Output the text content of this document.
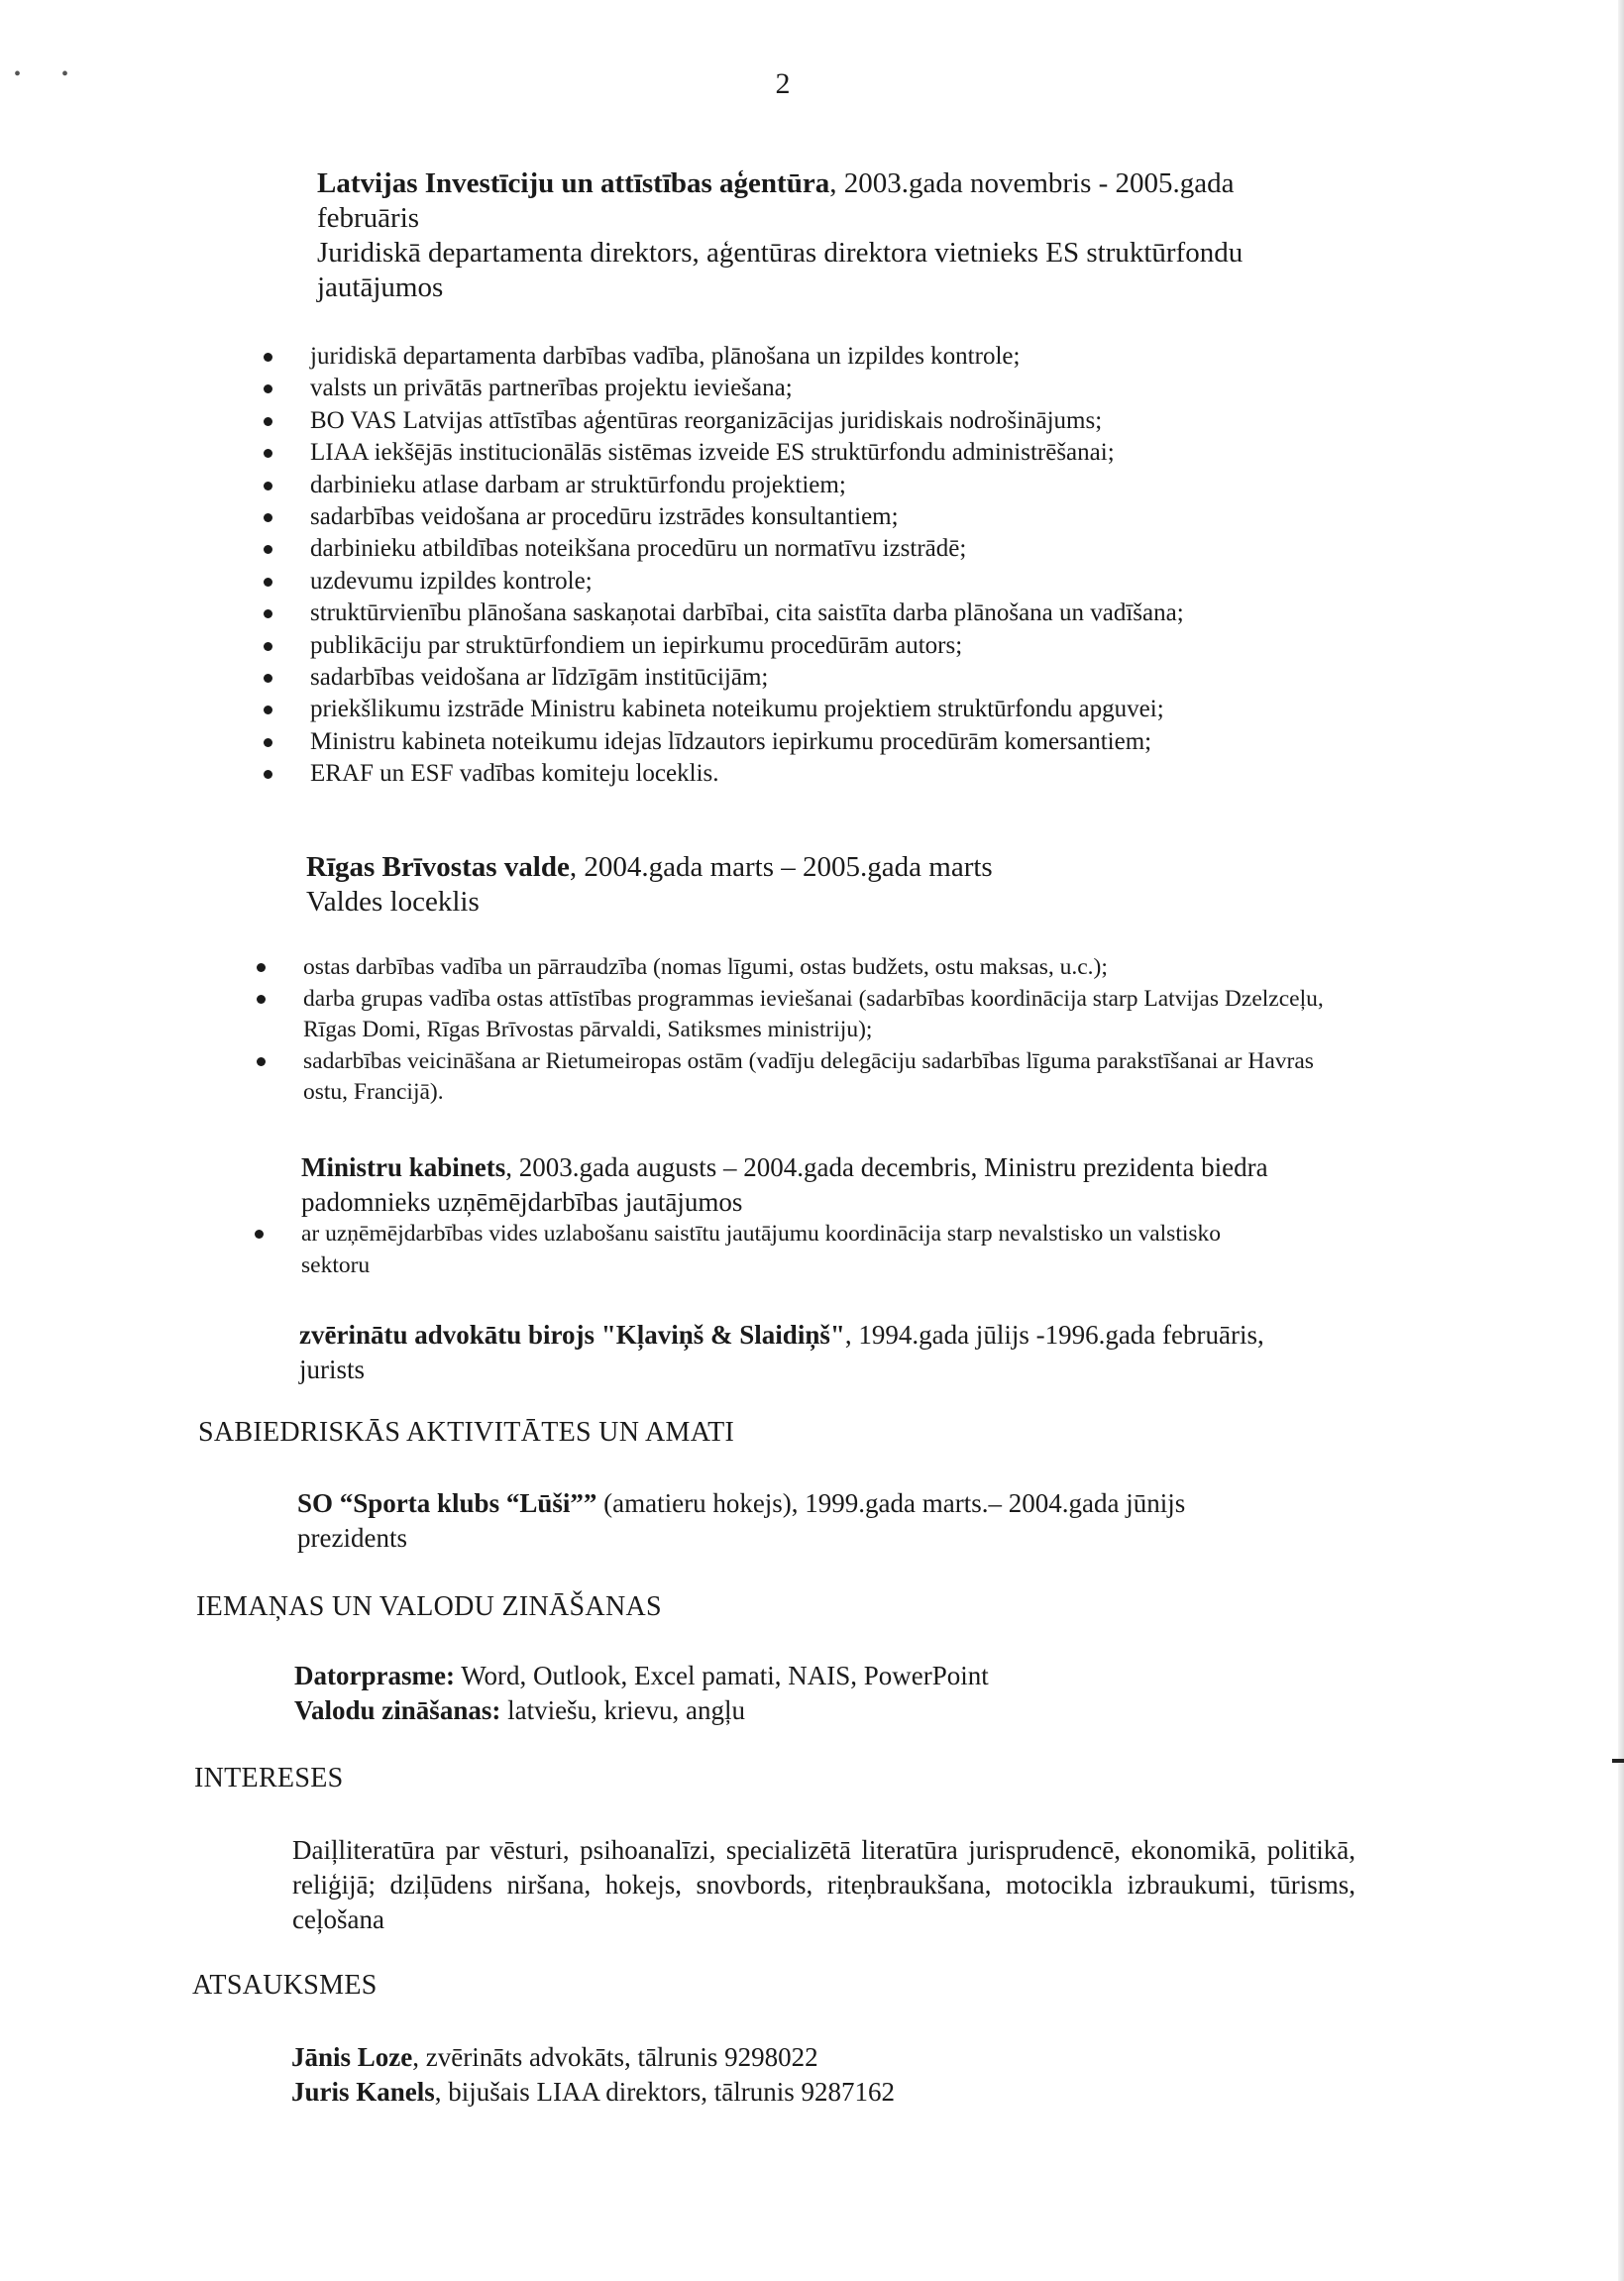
• •	2
Latvijas Investīciju un attīstības aģentūra, 2003.gada novembris - 2005.gada februāris
Juridiskā departamenta direktors, aģentūras direktora vietnieks ES struktūrfondu jautājumos
juridiskā departamenta darbības vadība, plānošana un izpildes kontrole;
valsts un privātās partnerības projektu ieviešana;
BO VAS Latvijas attīstības aģentūras reorganizācijas juridiskais nodrošinājums;
LIAA iekšējās institucionālās sistēmas izveide ES struktūrfondu administrēšanai;
darbinieku atlase darbam ar struktūrfondu projektiem;
sadarbības veidošana ar procedūru izstrādes konsultantiem;
darbinieku atbildības noteikšana procedūru un normatīvu izstrādē;
uzdevumu izpildes kontrole;
struktūrvienību plānošana saskaņotai darbībai, cita saistīta darba plānošana un vadīšana;
publikāciju par struktūrfondiem un iepirkumu procedūrām autors;
sadarbības veidošana ar līdzīgām institūcijām;
priekšlikumu izstrāde Ministru kabineta noteikumu projektiem struktūrfondu apguvei;
Ministru kabineta noteikumu idejas līdzautors iepirkumu procedūrām komersantiem;
ERAF un ESF vadības komiteju loceklis.
Rīgas Brīvostas valde, 2004.gada marts – 2005.gada marts
Valdes loceklis
ostas darbības vadība un pārraudzība (nomas līgumi, ostas budžets, ostu maksas, u.c.);
darba grupas vadība ostas attīstības programmas ieviešanai (sadarbības koordinācija starp Latvijas Dzelzceļu, Rīgas Domi, Rīgas Brīvostas pārvaldi, Satiksmes ministriju);
sadarbības veicināšana ar Rietumeiropas ostām (vadīju delegāciju sadarbības līguma parakstīšanai ar Havras ostu, Francijā).
Ministru kabinets, 2003.gada augusts – 2004.gada decembris, Ministru prezidenta biedra padomnieks uzņēmējdarbības jautājumos
ar uzņēmējdarbības vides uzlabošanu saistītu jautājumu koordinācija starp nevalstisko un valstisko sektoru
zvērinātu advokātu birojs "Kļaviņš & Slaidiņš", 1994.gada jūlijs -1996.gada februāris, jurists
SABIEDRISKĀS AKTIVITĀTES UN AMATI
SO “Sporta klubs “Lūši”” (amatieru hokejs), 1999.gada marts.– 2004.gada jūnijs
prezidents
IEMAŅAS UN VALODU ZINĀŠANAS
Datorprasme: Word, Outlook, Excel pamati, NAIS, PowerPoint
Valodu zināšanas: latviešu, krievu, angļu
INTERESES
Daiļliteratūra par vēsturi, psihoanalīzi, specializētā literatūra jurisprudencē, ekonomikā, politikā, reliģijā; dziļūdens niršana, hokejs, snovbords, riteņbraukšana, motocikla izbraukumi, tūrisms, ceļošana
ATSAUKSMES
Jānis Loze, zvērināts advokāts, tālrunis 9298022
Juris Kanels, bijušais LIAA direktors, tālrunis 9287162
